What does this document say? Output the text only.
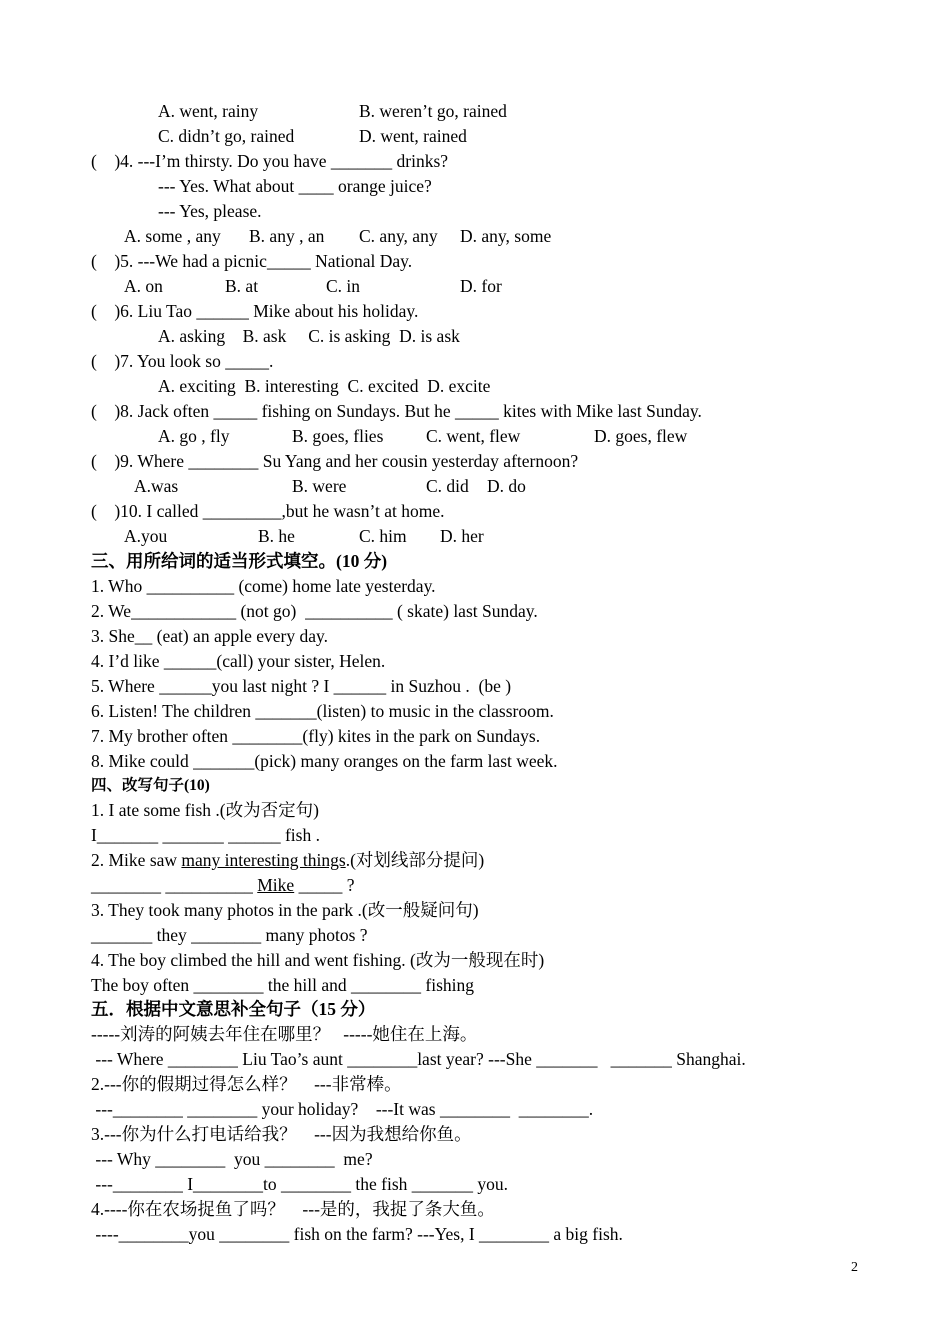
A. went, rainy	B. weren’t go, rained
C. didn’t go, rained	D. went, rained
(    )4. ---I’m thirsty. Do you have _______ drinks?
--- Yes. What about ____ orange juice?
--- Yes, please.
A. some , any B. any , an C. any, any D. any, some
(    )5. ---We had a picnic_____ National Day.
A. on	B. at	C. in	D. for
(    )6. Liu Tao ______ Mike about his holiday.
A. asking    B. ask     C. is asking  D. is ask
(    )7. You look so _____.
A. exciting  B. interesting  C. excited  D. excite
(    )8. Jack often _____ fishing on Sundays. But he _____ kites with Mike last Sunday.
A. go , fly	B. goes, flies C. went, flew	D. goes, flew
(    )9. Where ________ Su Yang and her cousin yesterday afternoon?
A.was	B. were	C. did D. do
(    )10. I called _________,but he wasn’t at home.
A.you	B. he	C. him D. her
三、用所给词的适当形式填空。(10 分)
1. Who __________ (come) home late yesterday.
2. We____________ (not go)  __________ ( skate) last Sunday.
3. She__ (eat) an apple every day.
4. I’d like ______(call) your sister, Helen.
5. Where ______you last night ? I ______ in Suzhou .  (be )
6. Listen! The children _______(listen) to music in the classroom.
7. My brother often ________(fly) kites in the park on Sundays.
8. Mike could _______(pick) many oranges on the farm last week.
四、改写句子(10)
1. I ate some fish .(改为否定句)
I_______ _______ ______ fish .
2. Mike saw many interesting things.(对划线部分提问)
________ __________ Mike _____ ?
3. They took many photos in the park .(改一般疑问句)
_______ they ________ many photos ?
4. The boy climbed the hill and went fishing. (改为一般现在时)
The boy often ________ the hill and ________ fishing
五．根据中文意思补全句子（15 分）
-----刘涛的阿姨去年住在哪里？   -----她住在上海。
--- Where ________ Liu Tao’s aunt ________last year? ---She _______   _______ Shanghai.
2.---你的假期过得怎么样？    ---非常棒。
---________ ________ your holiday?    ---It was ________  ________.
3.---你为什么打电话给我？    ---因为我想给你鱼。
--- Why ________  you ________  me?
---________ I________to ________ the fish _______ you.
4.----你在农场捉鱼了吗？    ---是的，我捉了条大鱼。
----________you ________ fish on the farm? ---Yes, I ________ a big fish.
2
